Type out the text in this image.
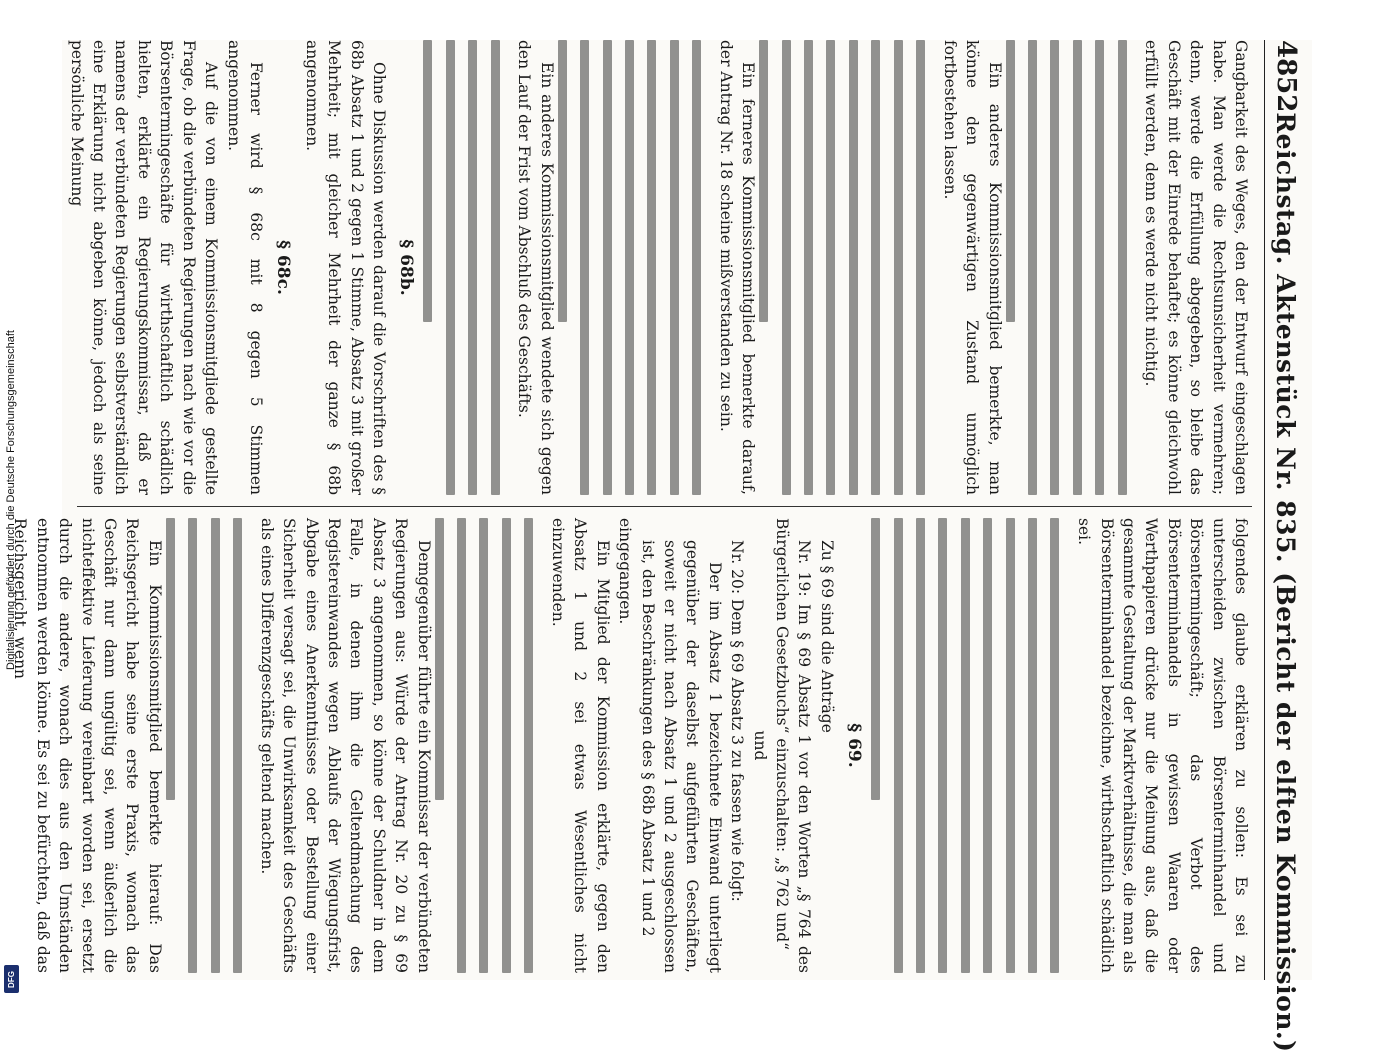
Digitalisierung gefördert durch die Deutsche Forschungsgemeinschaft
DFG
4852
Reichstag. Aktenstück Nr. 835. (Bericht der elften Kommission.)

Gangbarkeit des Weges, den der Entwurf eingeschlagen habe. Man werde die Rechtsunsicherheit vermehren; denn, werde die Erfüllung abgegeben, so bleibe das Geschäft mit der Einrede behaftet; es könne gleichwohl erfüllt werden, denn es werde nicht nichtig.

Ein anderes Kommissionsmitglied bemerkte, man könne den gegenwärtigen Zustand unmöglich fortbestehen lassen.

Ein ferneres Kommissionsmitglied bemerkte darauf, der Antrag Nr. 18 scheine mißverstanden zu sein.

Ein anderes Kommissionsmitglied wendete sich gegen den Lauf der Frist vom Abschluß des Geschäfts.

§ 68b.

Ohne Diskussion werden darauf die Vorschriften des § 68b Absatz 1 und 2 gegen 1 Stimme, Absatz 3 mit großer Mehrheit; mit gleicher Mehrheit der ganze § 68b angenommen.

§ 68c.

Ferner wird § 68c mit 8 gegen 5 Stimmen angenommen.

Auf die von einem Kommissionsmitgliede gestellte Frage, ob die verbündeten Regierungen nach wie vor die Börsentermingeschäfte für wirthschaftlich schädlich hielten, erklärte ein Regierungskommissar, daß er namens der verbündeten Regierungen selbstverständlich eine Erklärung nicht abgeben könne, jedoch als seine persönliche Meinung

folgendes glaube erklären zu sollen: Es sei zu unterscheiden zwischen Börsenterminhandel und Börsentermingeschäft; das Verbot des Börsenterminhandels in gewissen Waaren oder Werthpapieren drücke nur die Meinung aus, daß die gesammte Gestaltung der Marktverhältnisse, die man als Börsenterminhandel bezeichne, wirthschaftlich schädlich sei.

§ 69.

Zu § 69 sind die Anträge

Nr. 19: Im § 69 Absatz 1 vor den Worten „§ 764 des Bürgerlichen Gesetzbuchs“ einzuschalten: „§ 762 und“

und

Nr. 20: Dem § 69 Absatz 3 zu fassen wie folgt:

Der im Absatz 1 bezeichnete Einwand unterliegt gegenüber der daselbst aufgeführten Geschäften, soweit er nicht nach Absatz 1 und 2 ausgeschlossen ist, den Beschränkungen des § 68b Absatz 1 und 2

eingegangen.

Ein Mitglied der Kommission erklärte, gegen den Absatz 1 und 2 sei etwas Wesentliches nicht einzuwenden.

Demgegenüber führte ein Kommissar der verbündeten Regierungen aus: Würde der Antrag Nr. 20 zu § 69 Absatz 3 angenommen, so könne der Schuldner in dem Falle, in denen ihm die Geltendmachung des Registereinwandes wegen Ablaufs der Wiegungsfrist, Abgabe eines Anerkenntnisses oder Bestellung einer Sicherheit versagt sei, die Unwirksamkeit des Geschäfts als eines Differenzgeschäfts geltend machen.

Ein Kommissionsmitglied bemerkte hierauf: Das Reichsgericht habe seine erste Praxis, wonach das Geschäft nur dann ungültig sei, wenn äußerlich die nichteffektive Lieferung vereinbart worden sei, ersetzt durch die andere, wonach dies aus den Umständen entnommen werden könne. Es sei zu befürchten, daß das Reichsgericht, wenn
